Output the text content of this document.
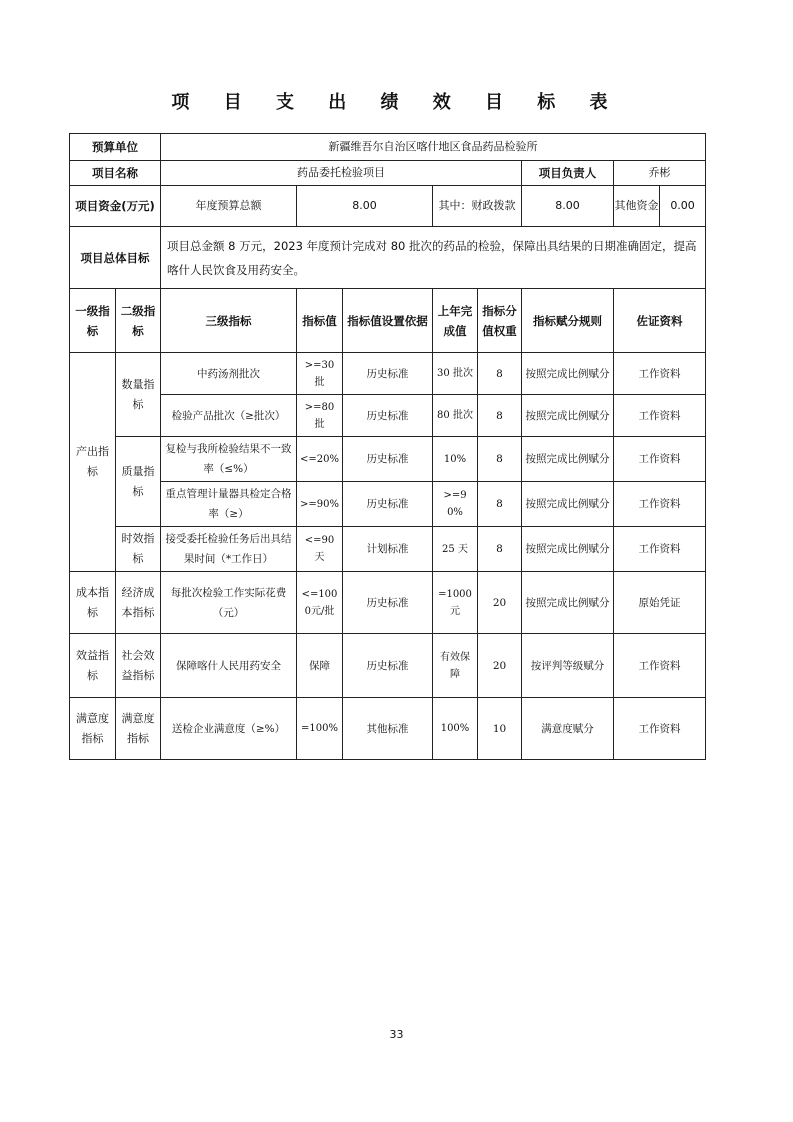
项 目 支 出 绩 效 目 标 表
预算单位		新疆维吾尔自治区喀什地区食品药品检验所						
项目名称		药品委托检验项目					项目负责人	乔彬
项目资金(万元)		年度预算总额	8.00		其中：财政拨款		8.00	其他资金 0.00

项目总体目标		项目总金额 8 万元，2023 年度预计完成对 80 批次的药品的检验，保障出具结果的日期准确固定，提高喀什人民饮食及用药安全。						
一级指标	二级指标	三级指标	指标值	指标值设置依据	上年完成值	指标分值权重	指标赋分规则	佐证资料
产出指标	数量指标	中药汤剂批次	>=30批	历史标准	30 批次	8	按照完成比例赋分	工作资料
		检验产品批次（≥批次）	>=80批	历史标准	80 批次	8	按照完成比例赋分	工作资料
	质量指标	复检与我所检验结果不一致率（≤%）	<=20%	历史标准	10%	8	按照完成比例赋分	工作资料
		重点管理计量器具检定合格率（≥）	>=90%	历史标准	>=90%	8	按照完成比例赋分	工作资料
	时效指标	接受委托检验任务后出具结果时间（*工作日）	<=90天	计划标准	25 天	8	按照完成比例赋分	工作资料
成本指标	经济成本指标	每批次检验工作实际花费（元）	<=1000元/批	历史标准	=1000元	20	按照完成比例赋分	原始凭证
效益指标	社会效益指标	保障喀什人民用药安全	保障	历史标准	有效保障	20	按评判等级赋分	工作资料
满意度指标	满意度指标	送检企业满意度（≥%）	=100%	其他标准	100%	10	满意度赋分	工作资料
33
